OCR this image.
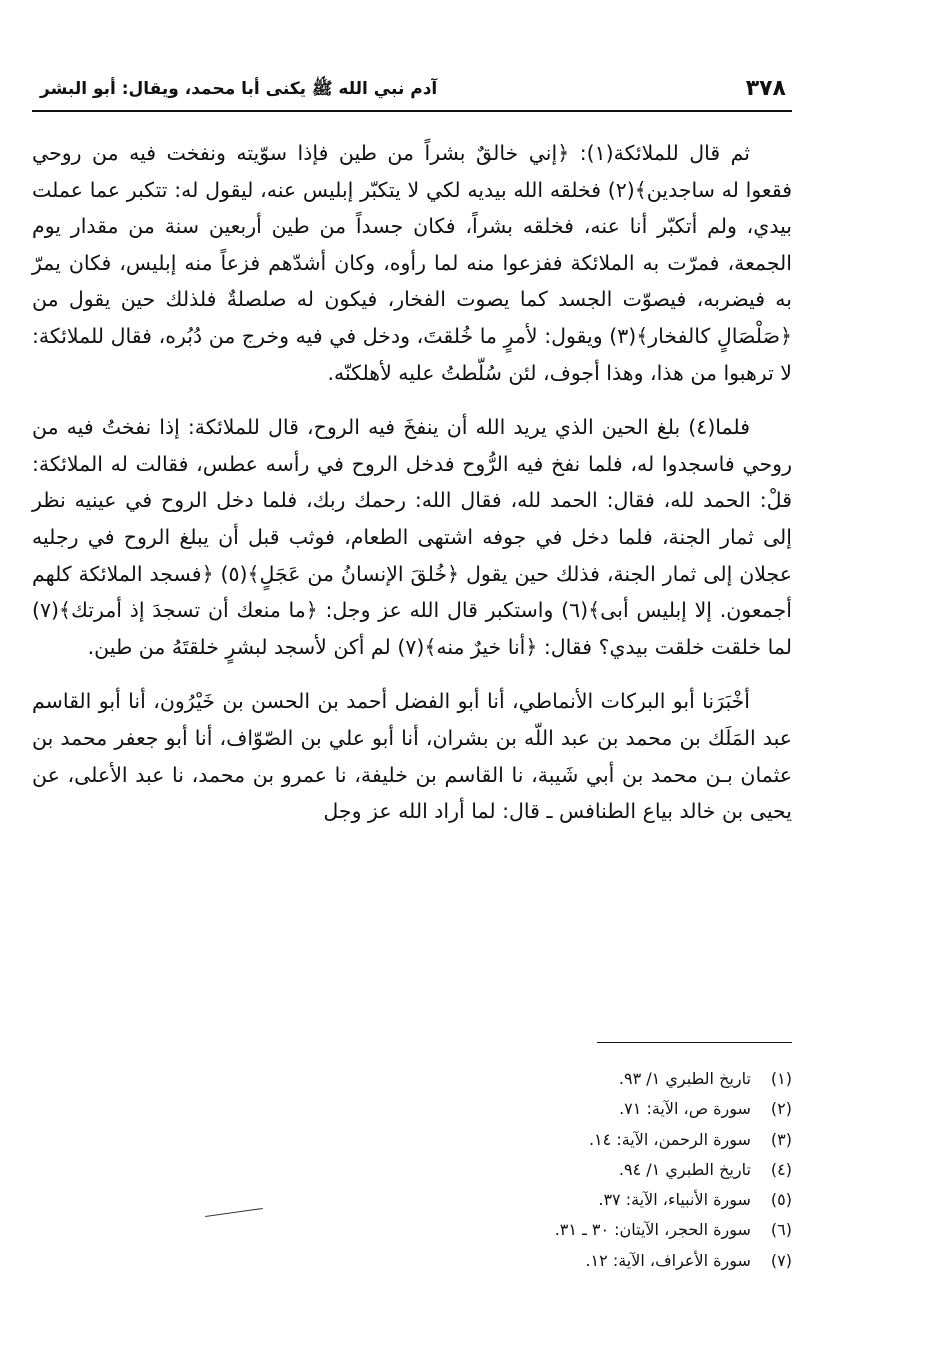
٣٧٨
آدم نبي الله ﷺ يكنى أبا محمد، ويقال: أبو البشر

ثم قال للملائكة(١): ﴿إني خالقٌ بشراً من طين فإذا سوّيته ونفخت فيه من روحي فقعوا له ساجدين﴾(٢) فخلقه الله بيديه لكي لا يتكبّر إبليس عنه، ليقول له: تتكبر عما عملت بيدي، ولم أتكبّر أنا عنه، فخلقه بشراً، فكان جسداً من طين أربعين سنة من مقدار يوم الجمعة، فمرّت به الملائكة ففزعوا منه لما رأوه، وكان أشدّهم فزعاً منه إبليس، فكان يمرّ به فيضربه، فيصوّت الجسد كما يصوت الفخار، فيكون له صلصلةٌ فلذلك حين يقول من ﴿صَلْصَالٍ كالفخار﴾(٣) ويقول: لأمرٍ ما خُلقتَ، ودخل في فيه وخرج من دُبُره، فقال للملائكة: لا ترهبوا من هذا، وهذا أجوف، لئن سُلّطتُ عليه لأهلكنّه.

فلما(٤) بلغ الحين الذي يريد الله أن ينفخَ فيه الروح، قال للملائكة: إذا نفختُ فيه من روحي فاسجدوا له، فلما نفخ فيه الرُّوح فدخل الروح في رأسه عطس، فقالت له الملائكة: قلْ: الحمد لله، فقال: الحمد لله، فقال الله: رحمك ربك، فلما دخل الروح في عينيه نظر إلى ثمار الجنة، فلما دخل في جوفه اشتهى الطعام، فوثب قبل أن يبلغ الروح في رجليه عجلان إلى ثمار الجنة، فذلك حين يقول ﴿خُلقَ الإنسانُ من عَجَلٍ﴾(٥) ﴿فسجد الملائكة كلهم أجمعون. إلا إبليس أبى﴾(٦) واستكبر قال الله عز وجل: ﴿ما منعك أن تسجدَ إذ أمرتك﴾(٧) لما خلقت خلقت بيدي؟ فقال: ﴿أنا خيرٌ منه﴾(٧) لم أكن لأسجد لبشرٍ خلقتَهُ من طين.

أخْبَرَنا أبو البركات الأنماطي، أنا أبو الفضل أحمد بن الحسن بن خَيْرُون، أنا أبو القاسم عبد المَلَك بن محمد بن عبد اللّه بن بشران، أنا أبو علي بن الصّوّاف، أنا أبو جعفر محمد بن عثمان بـن محمد بن أبي شَيبة، نا القاسم بن خليفة، نا عمرو بن محمد، نا عبد الأعلى، عن يحيى بن خالد بياع الطنافس ـ قال: لما أراد الله عز وجل

(١) تاريخ الطبري ١/ ٩٣.
(٢) سورة ص، الآية: ٧١.
(٣) سورة الرحمن، الآية: ١٤.
(٤) تاريخ الطبري ١/ ٩٤.
(٥) سورة الأنبياء، الآية: ٣٧.
(٦) سورة الحجر، الآيتان: ٣٠ ـ ٣١.
(٧) سورة الأعراف، الآية: ١٢.
